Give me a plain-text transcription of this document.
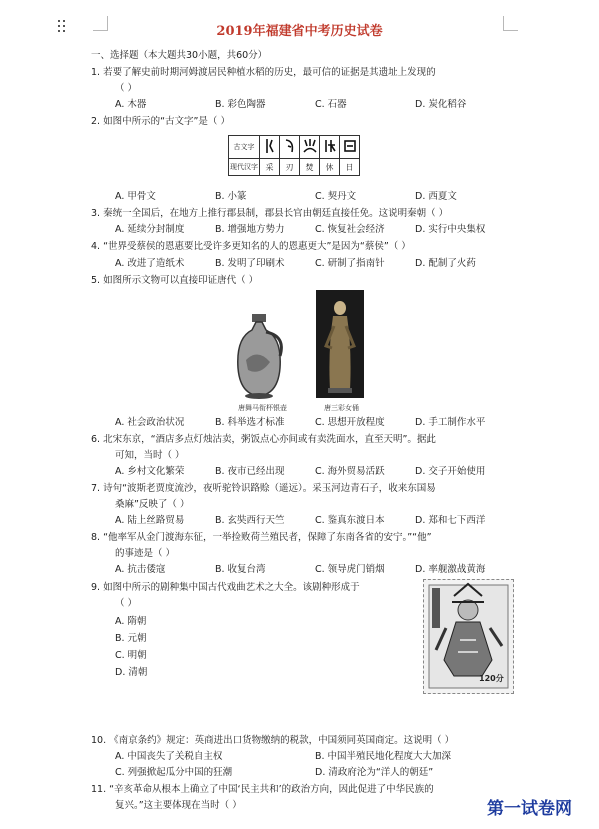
2019年福建省中考历史试卷
一、选择题（本大题共30小题，共60分）
1. 若要了解史前时期河姆渡居民种植水稻的历史，最可信的证据是其遗址上发现的
（ ）
A. 木器	B. 彩色陶器	C. 石器	D. 炭化稻谷
2. 如图中所示的“古文字”是（ ）
古文字					
现代汉字	采	刃	焚	休	日
A. 甲骨文	B. 小篆	C. 契丹文	D. 西夏文
3. 秦统一全国后，在地方上推行郡县制，郡县长官由朝廷直接任免。这说明秦朝（ ）
A. 延续分封制度	B. 增强地方势力	C. 恢复社会经济	D. 实行中央集权
4. “世界受蔡侯的恩惠要比受许多更知名的人的恩惠更大”是因为“蔡侯”（ ）
A. 改进了造纸术	B. 发明了印刷术	C. 研制了指南针	D. 配制了火药
5. 如图所示文物可以直接印证唐代（ ）
唐舞马衔杯银壶	唐三彩女俑
A. 社会政治状况	B. 科举选才标准	C. 思想开放程度	D. 手工制作水平
6. 北宋东京，“酒店多点灯烛沽卖，粥饭点心亦间或有卖洗面水，直至天明”。据此
可知，当时（ ）
A. 乡村文化繁荣	B. 夜市已经出现	C. 海外贸易活跃	D. 交子开始使用
7. 诗句“波斯老贾度流沙，夜听驼铃识路赊（遥远）。采玉河边青石子，收来东国易
桑麻”反映了（ ）
A. 陆上丝路贸易	B. 玄奘西行天竺	C. 鉴真东渡日本	D. 郑和七下西洋
8. “他率军从金门渡海东征，一举捡败荷兰殖民者，保障了东南各省的安宁。”“他”
的事迹是（ ）
A. 抗击倭寇	B. 收复台湾	C. 领导虎门销烟	D. 率舰激战黄海
9. 如图中所示的剧种集中国古代戏曲艺术之大全。该剧种形成于
（ ）
A. 隋朝
B. 元朝
C. 明朝
D. 清朝
120分
10. 《南京条约》规定：英商进出口货物缴纳的税款，中国须同英国商定。这说明（ ）
A. 中国丧失了关税自主权	B. 中国半殖民地化程度大大加深
C. 列强掀起瓜分中国的狂潮	D. 清政府沦为“洋人的朝廷”
11. “辛亥革命从根本上确立了中国‘民主共和’的政治方向，因此促进了中华民族的
复兴。”这主要体现在当时（ ）	第一试卷网
